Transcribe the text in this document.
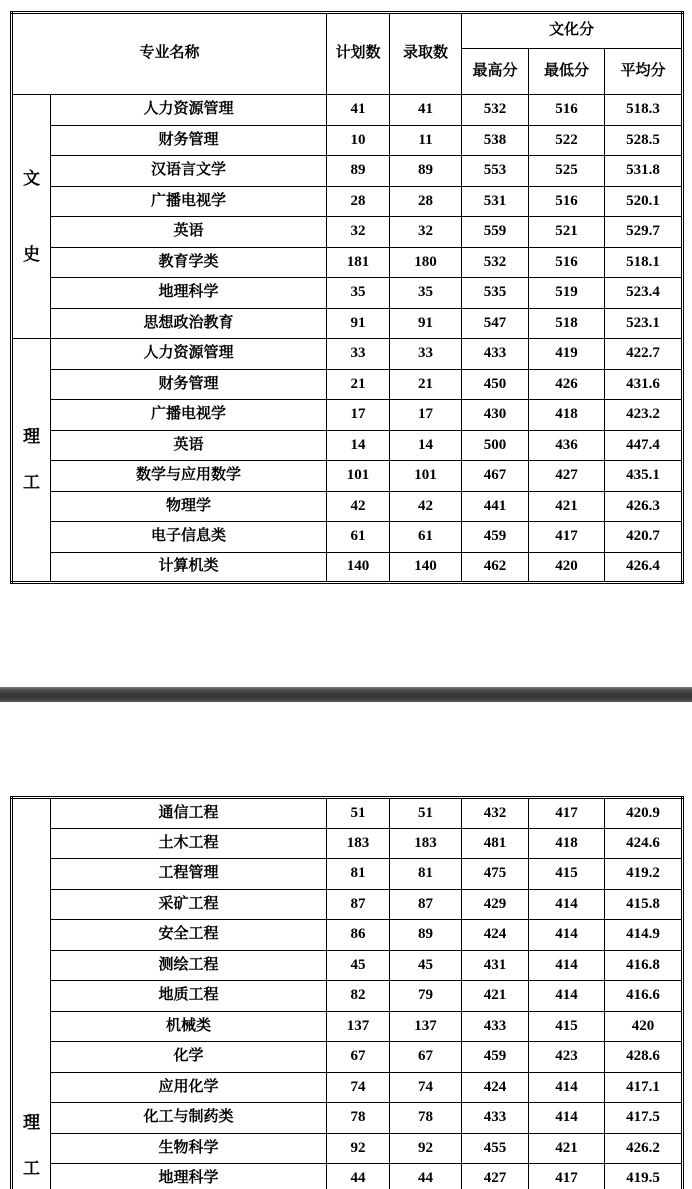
专业名称		计划数	录取数	文化分		
				最高分	最低分	平均分

文
史	人力资源管理	41	41	532	516	518.3
	财务管理	10	11	538	522	528.5
	汉语言文学	89	89	553	525	531.8
	广播电视学	28	28	531	516	520.1
	英语	32	32	559	521	529.7
	教育学类	181	180	532	516	518.1
	地理科学	35	35	535	519	523.4
	思想政治教育	91	91	547	518	523.1

理
工	人力资源管理	33	33	433	419	422.7
	财务管理	21	21	450	426	431.6
	广播电视学	17	17	430	418	423.2
	英语	14	14	500	436	447.4
	数学与应用数学	101	101	467	427	435.1
	物理学	42	42	441	421	426.3
	电子信息类	61	61	459	417	420.7
	计算机类	140	140	462	420	426.4
理
工	通信工程	51	51	432	417	420.9
	土木工程	183	183	481	418	424.6
	工程管理	81	81	475	415	419.2
	采矿工程	87	87	429	414	415.8
	安全工程	86	89	424	414	414.9
	测绘工程	45	45	431	414	416.8
	地质工程	82	79	421	414	416.6
	机械类	137	137	433	415	420
	化学	67	67	459	423	428.6
	应用化学	74	74	424	414	417.1
	化工与制药类	78	78	433	414	417.5
	生物科学	92	92	455	421	426.2
	地理科学	44	44	427	417	419.5
